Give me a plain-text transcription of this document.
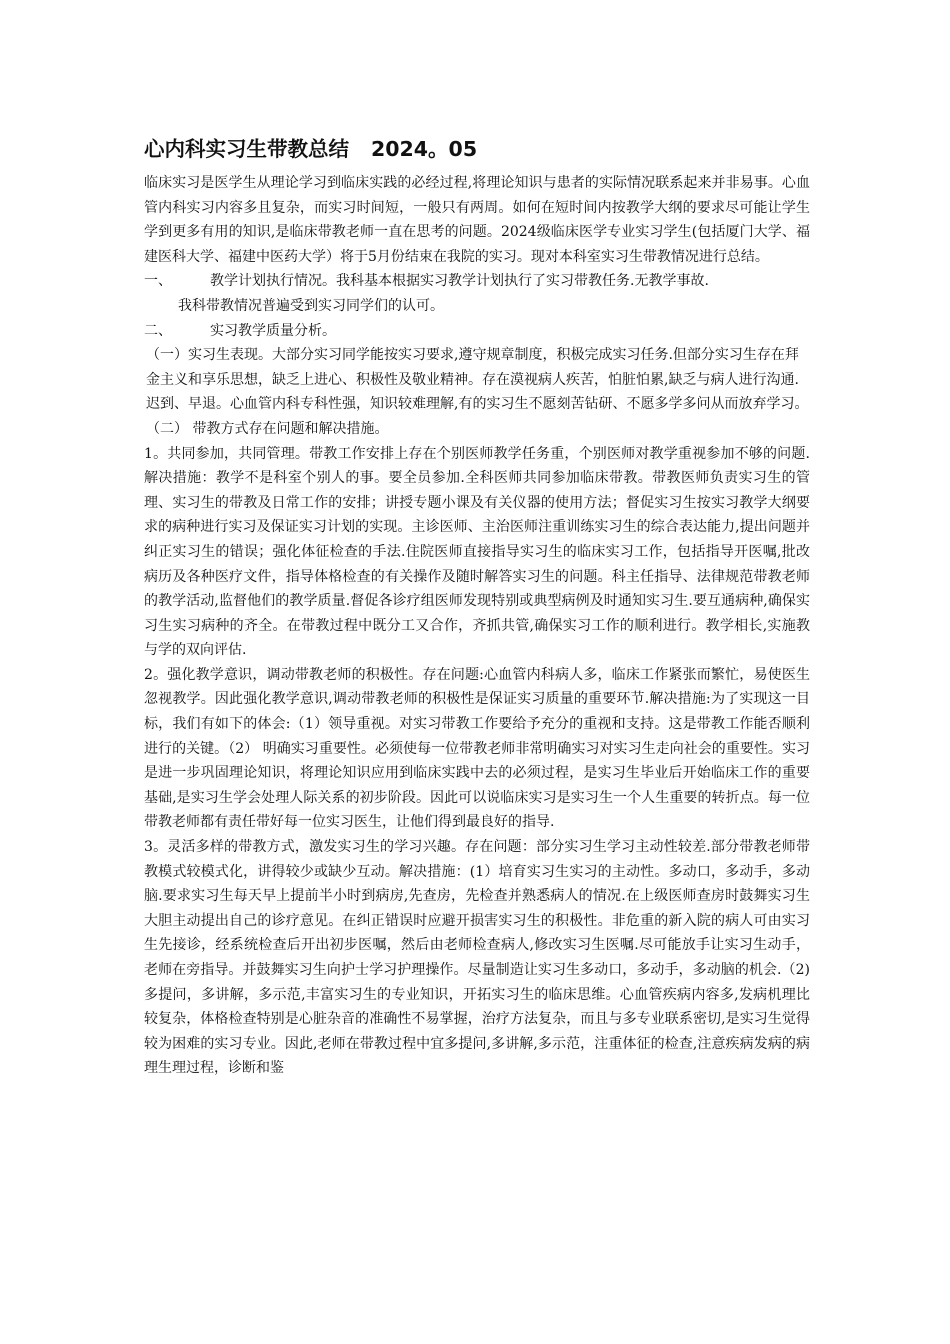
心内科实习生带教总结 2024。05

临床实习是医学生从理论学习到临床实践的必经过程,将理论知识与患者的实际情况联系起来并非易事。心血管内科实习内容多且复杂，而实习时间短，一般只有两周。如何在短时间内按教学大纲的要求尽可能让学生学到更多有用的知识,是临床带教老师一直在思考的问题。2024级临床医学专业实习学生(包括厦门大学、福建医科大学、福建中医药大学）将于5月份结束在我院的实习。现对本科室实习生带教情况进行总结。

一、	教学计划执行情况。我科基本根据实习教学计划执行了实习带教任务.无教学事故.

我科带教情况普遍受到实习同学们的认可。

二、	实习教学质量分析。

（一）实习生表现。大部分实习同学能按实习要求,遵守规章制度，积极完成实习任务.但部分实习生存在拜金主义和享乐思想，缺乏上进心、积极性及敬业精神。存在漠视病人疾苦，怕脏怕累,缺乏与病人进行沟通.迟到、早退。心血管内科专科性强，知识较难理解,有的实习生不愿刻苦钻研、不愿多学多问从而放弃学习。

（二） 带教方式存在问题和解决措施。

1。共同参加，共同管理。带教工作安排上存在个别医师教学任务重，个别医师对教学重视参加不够的问题.解决措施：教学不是科室个别人的事。要全员参加.全科医师共同参加临床带教。带教医师负责实习生的管理、实习生的带教及日常工作的安排；讲授专题小课及有关仪器的使用方法；督促实习生按实习教学大纲要求的病种进行实习及保证实习计划的实现。主诊医师、主治医师注重训练实习生的综合表达能力,提出问题并纠正实习生的错误；强化体征检查的手法.住院医师直接指导实习生的临床实习工作，包括指导开医嘱,批改病历及各种医疗文件，指导体格检查的有关操作及随时解答实习生的问题。科主任指导、法律规范带教老师的教学活动,监督他们的教学质量.督促各诊疗组医师发现特别或典型病例及时通知实习生.要互通病种,确保实习生实习病种的齐全。在带教过程中既分工又合作，齐抓共管,确保实习工作的顺利进行。教学相长,实施教与学的双向评估.

2。强化教学意识，调动带教老师的积极性。存在问题:心血管内科病人多，临床工作紧张而繁忙，易使医生忽视教学。因此强化教学意识,调动带教老师的积极性是保证实习质量的重要环节.解决措施:为了实现这一目标，我们有如下的体会:（1）领导重视。对实习带教工作要给予充分的重视和支持。这是带教工作能否顺利进行的关键。（2） 明确实习重要性。必须使每一位带教老师非常明确实习对实习生走向社会的重要性。实习是进一步巩固理论知识，将理论知识应用到临床实践中去的必须过程，是实习生毕业后开始临床工作的重要基础,是实习生学会处理人际关系的初步阶段。因此可以说临床实习是实习生一个人生重要的转折点。每一位带教老师都有责任带好每一位实习医生，让他们得到最良好的指导.

3。灵活多样的带教方式，激发实习生的学习兴趣。存在问题：部分实习生学习主动性较差.部分带教老师带教模式较模式化，讲得较少或缺少互动。解决措施：(1）培育实习生实习的主动性。多动口，多动手，多动脑.要求实习生每天早上提前半小时到病房,先查房，先检查并熟悉病人的情况.在上级医师查房时鼓舞实习生大胆主动提出自己的诊疗意见。在纠正错误时应避开损害实习生的积极性。非危重的新入院的病人可由实习生先接诊，经系统检查后开出初步医嘱，然后由老师检查病人,修改实习生医嘱.尽可能放手让实习生动手，老师在旁指导。并鼓舞实习生向护士学习护理操作。尽量制造让实习生多动口，多动手，多动脑的机会.（2)多提问，多讲解，多示范,丰富实习生的专业知识，开拓实习生的临床思维。心血管疾病内容多,发病机理比较复杂，体格检查特别是心脏杂音的准确性不易掌握，治疗方法复杂，而且与多专业联系密切,是实习生觉得较为困难的实习专业。因此,老师在带教过程中宜多提问,多讲解,多示范，注重体征的检查,注意疾病发病的病理生理过程，诊断和鉴
